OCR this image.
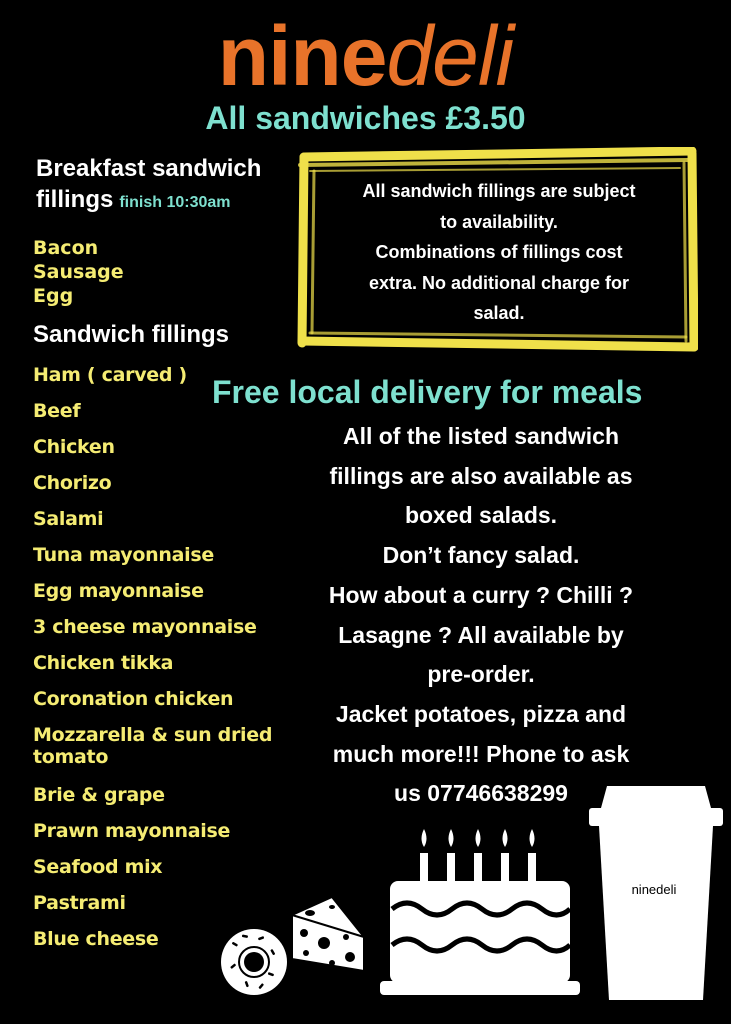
ninedeli
All sandwiches £3.50
Breakfast sandwich fillings finish 10:30am
Bacon
Sausage
Egg
Sandwich fillings
Ham ( carved )
Beef
Chicken
Chorizo
Salami
Tuna mayonnaise
Egg mayonnaise
3 cheese mayonnaise
Chicken tikka
Coronation chicken
Mozzarella & sun dried tomato
Brie & grape
Prawn mayonnaise
Seafood mix
Pastrami
Blue cheese
All sandwich fillings are subject
to availability.
Combinations of fillings cost
extra. No additional charge for
salad.
Free local delivery for meals
All of the listed sandwich
fillings are also available as
boxed salads.
Don’t fancy salad.
How about a curry ? Chilli ?
Lasagne ? All available by
pre-order.
Jacket potatoes, pizza and
much more!!! Phone to ask
us 07746638299
ninedeli
